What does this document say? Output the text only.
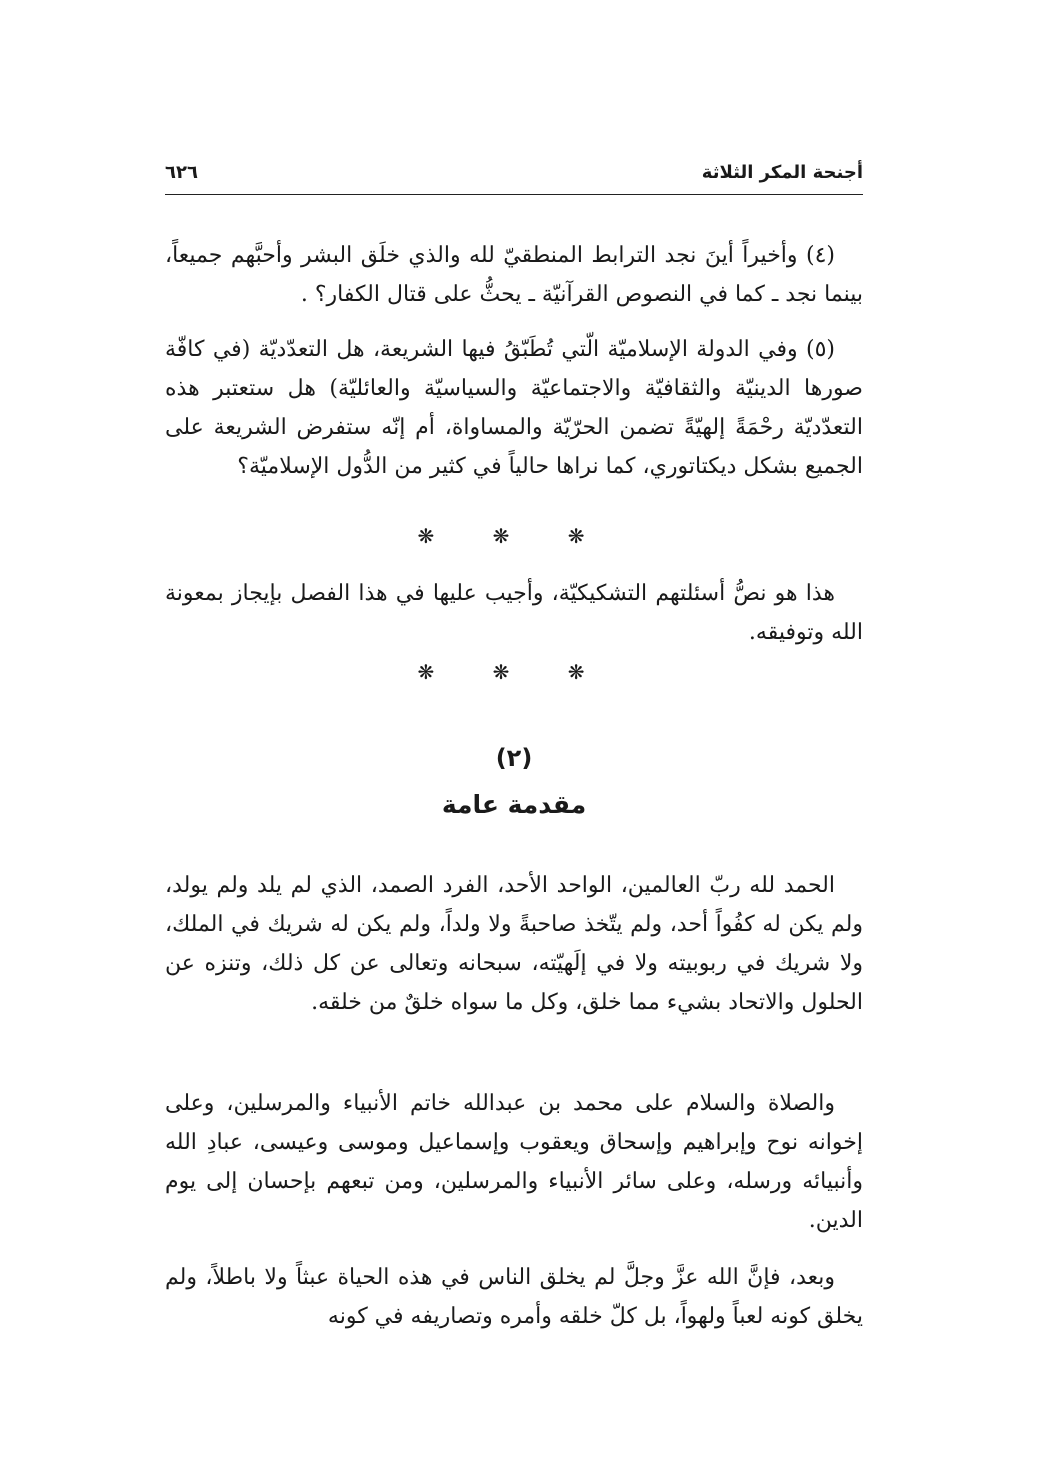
أجنحة المكر الثلاثة
٦٢٦

(٤) وأخيراً أينَ نجد الترابط المنطقيّ لله والذي خلَق البشر وأحبَّهم جميعاً، بينما نجد ـ كما في النصوص القرآنيّة ـ يحثُّ على قتال الكفار؟ .

(٥) وفي الدولة الإسلاميّة الّتي تُطَبّقُ فيها الشريعة، هل التعدّديّة (في كافّة صورها الدينيّة والثقافيّة والاجتماعيّة والسياسيّة والعائليّة) هل ستعتبر هذه التعدّديّة رحْمَةً إلهيّةً تضمن الحرّيّة والمساواة، أم إنّه ستفرض الشريعة على الجميع بشكل ديكتاتوري، كما نراها حالياً في كثير من الدُّول الإسلاميّة؟

❋ ❋ ❋

هذا هو نصُّ أسئلتهم التشكيكيّة، وأجيب عليها في هذا الفصل بإيجاز بمعونة الله وتوفيقه.

❋ ❋ ❋
(٢)
مقدمة عامة

الحمد لله ربّ العالمين، الواحد الأحد، الفرد الصمد، الذي لم يلد ولم يولد، ولم يكن له كفُواً أحد، ولم يتّخذ صاحبةً ولا ولداً، ولم يكن له شريك في الملك، ولا شريك في ربوبيته ولا في إلَهيّته، سبحانه وتعالى عن كل ذلك، وتنزه عن الحلول والاتحاد بشيء مما خلق، وكل ما سواه خلقٌ من خلقه.

والصلاة والسلام على محمد بن عبدالله خاتم الأنبياء والمرسلين، وعلى إخوانه نوح وإبراهيم وإسحاق ويعقوب وإسماعيل وموسى وعيسى، عبادِ الله وأنبيائه ورسله، وعلى سائر الأنبياء والمرسلين، ومن تبعهم بإحسان إلى يوم الدين.

وبعد، فإنَّ الله عزَّ وجلَّ لم يخلق الناس في هذه الحياة عبثاً ولا باطلاً، ولم يخلق كونه لعباً ولهواً، بل كلّ خلقه وأمره وتصاريفه في كونه
